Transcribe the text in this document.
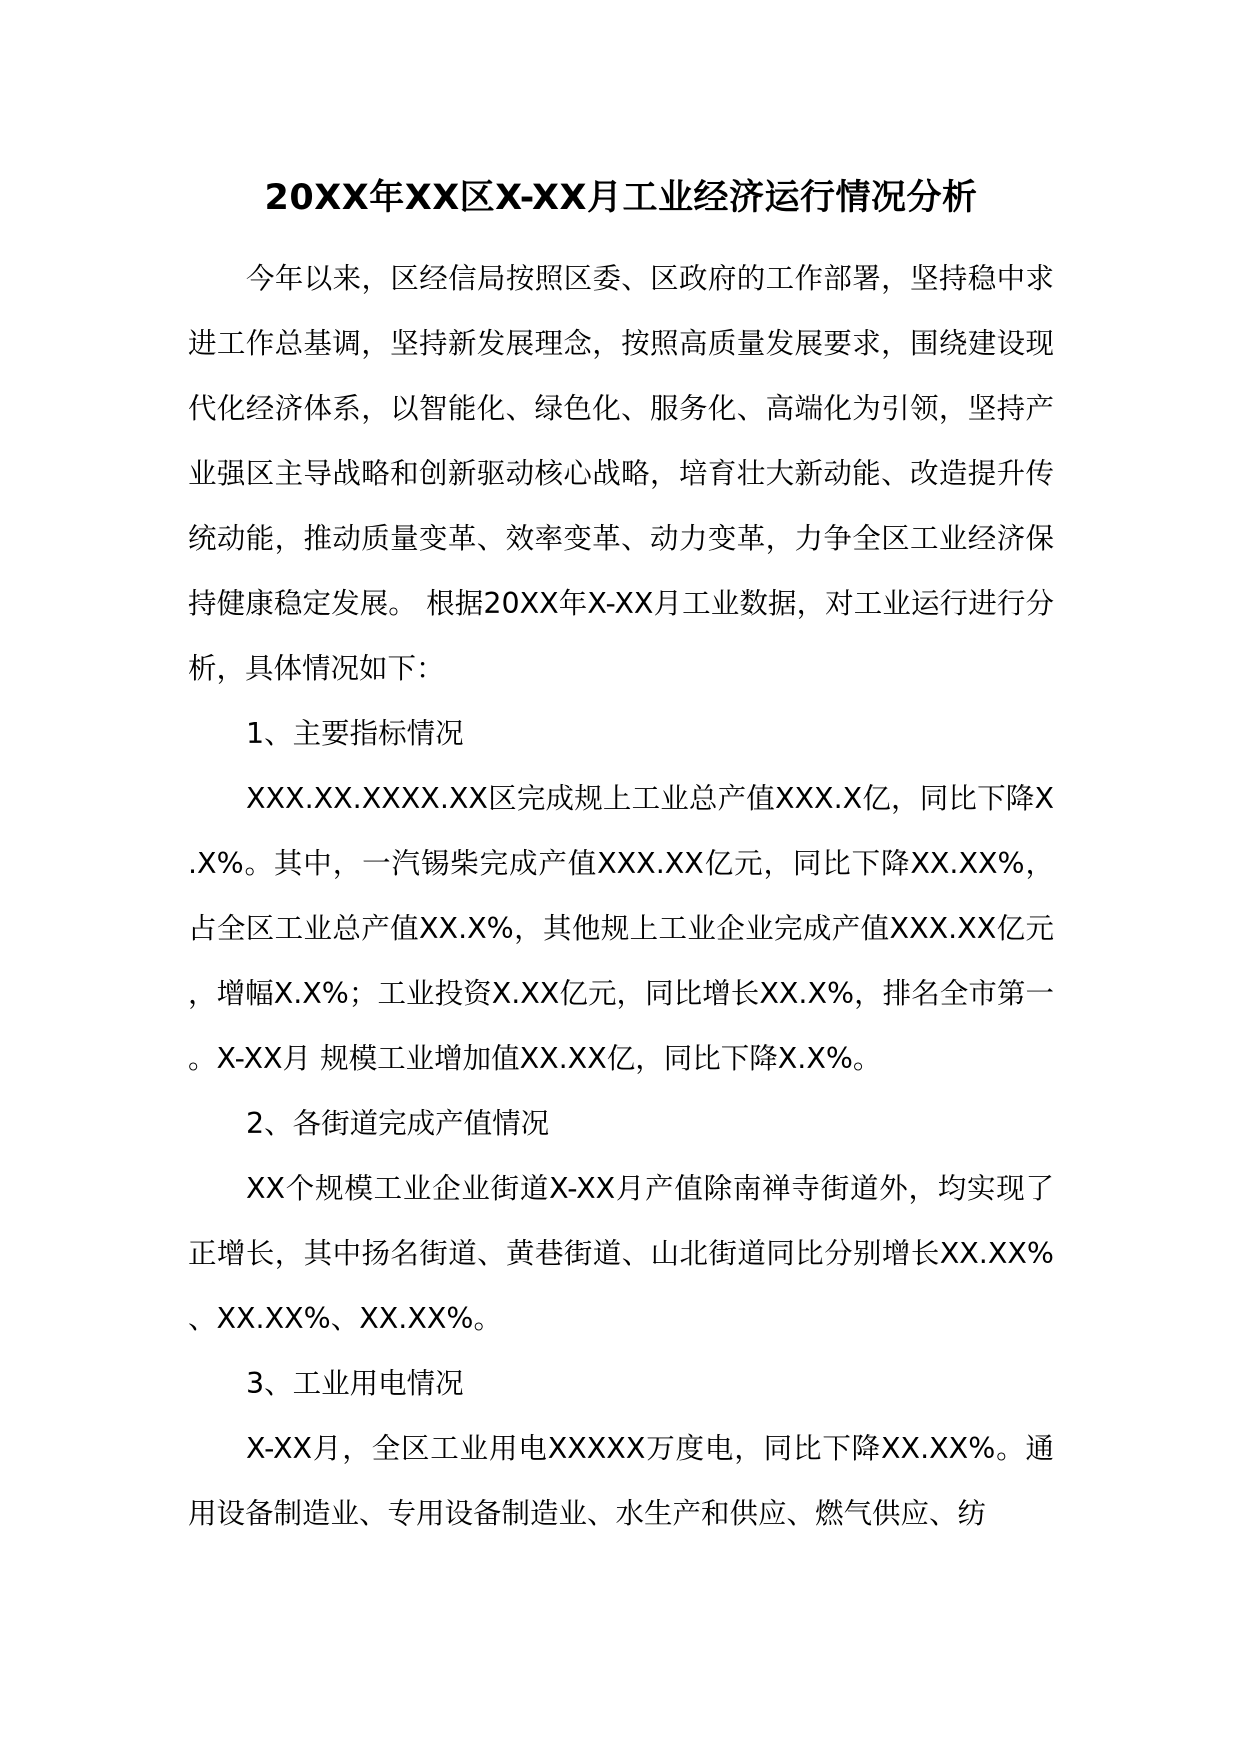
20XX年XX区X-XX月工业经济运行情况分析

今年以来，区经信局按照区委、区政府的工作部署，坚持稳中求进工作总基调，坚持新发展理念，按照高质量发展要求，围绕建设现代化经济体系，以智能化、绿色化、服务化、高端化为引领，坚持产业强区主导战略和创新驱动核心战略，培育壮大新动能、改造提升传统动能，推动质量变革、效率变革、动力变革，力争全区工业经济保持健康稳定发展。 根据20XX年X-XX月工业数据，对工业运行进行分析，具体情况如下：

1、主要指标情况

XXX.XX.XXXX.XX区完成规上工业总产值XXX.X亿，同比下降X.X%。其中，一汽锡柴完成产值XXX.XX亿元，同比下降XX.XX%，占全区工业总产值XX.X%，其他规上工业企业完成产值XXX.XX亿元，增幅X.X%；工业投资X.XX亿元，同比增长XX.X%，排名全市第一。X-XX月 规模工业增加值XX.XX亿，同比下降X.X%。

2、各街道完成产值情况

XX个规模工业企业街道X-XX月产值除南禅寺街道外，均实现了正增长，其中扬名街道、黄巷街道、山北街道同比分别增长XX.XX%、XX.XX%、XX.XX%。

3、工业用电情况

X-XX月，全区工业用电XXXXX万度电，同比下降XX.XX%。通用设备制造业、专用设备制造业、水生产和供应、燃气供应、纺
